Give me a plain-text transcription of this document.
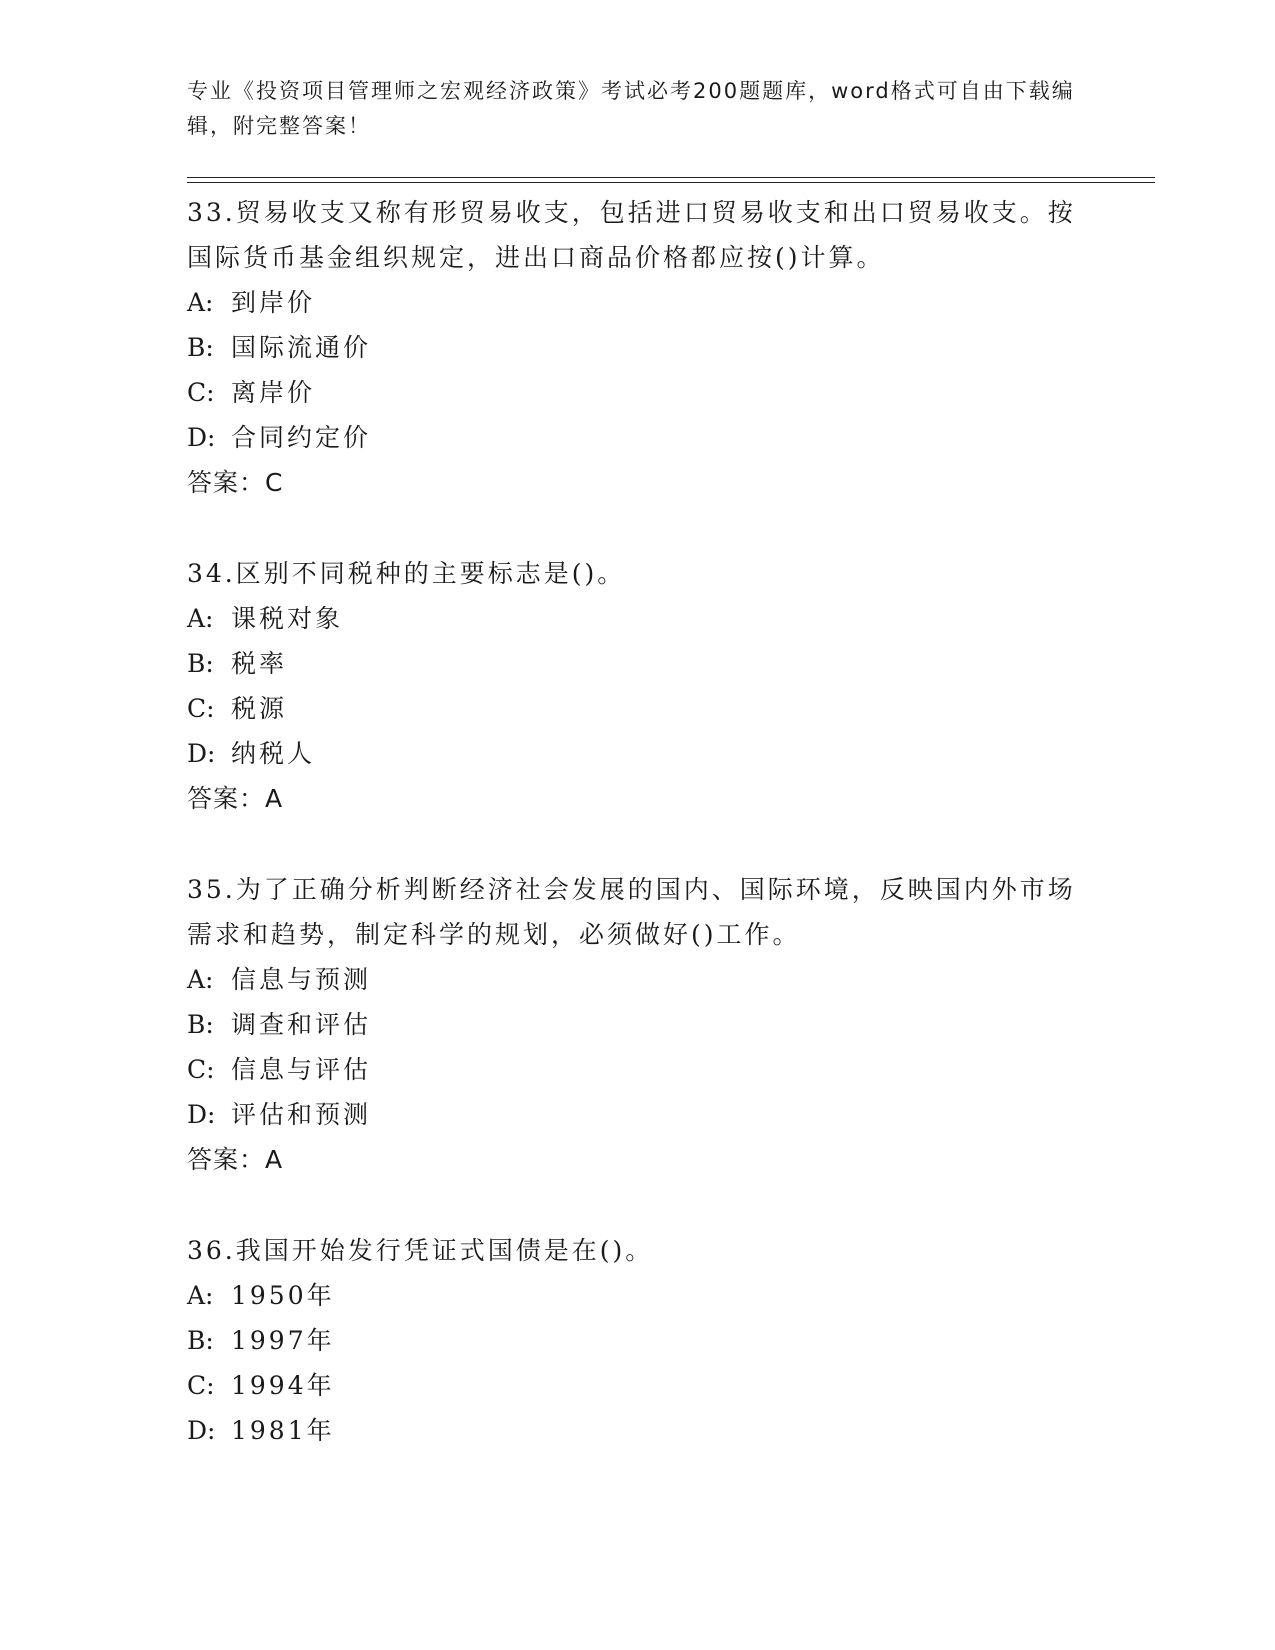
专业《投资项目管理师之宏观经济政策》考试必考200题题库，word格式可自由下载编辑，附完整答案！
33.贸易收支又称有形贸易收支，包括进口贸易收支和出口贸易收支。按国际货币基金组织规定，进出口商品价格都应按()计算。
A: 到岸价
B: 国际流通价
C: 离岸价
D: 合同约定价
答案：C
34.区别不同税种的主要标志是()。
A: 课税对象
B: 税率
C: 税源
D: 纳税人
答案：A
35.为了正确分析判断经济社会发展的国内、国际环境，反映国内外市场需求和趋势，制定科学的规划，必须做好()工作。
A: 信息与预测
B: 调查和评估
C: 信息与评估
D: 评估和预测
答案：A
36.我国开始发行凭证式国债是在()。
A: 1950年
B: 1997年
C: 1994年
D: 1981年
